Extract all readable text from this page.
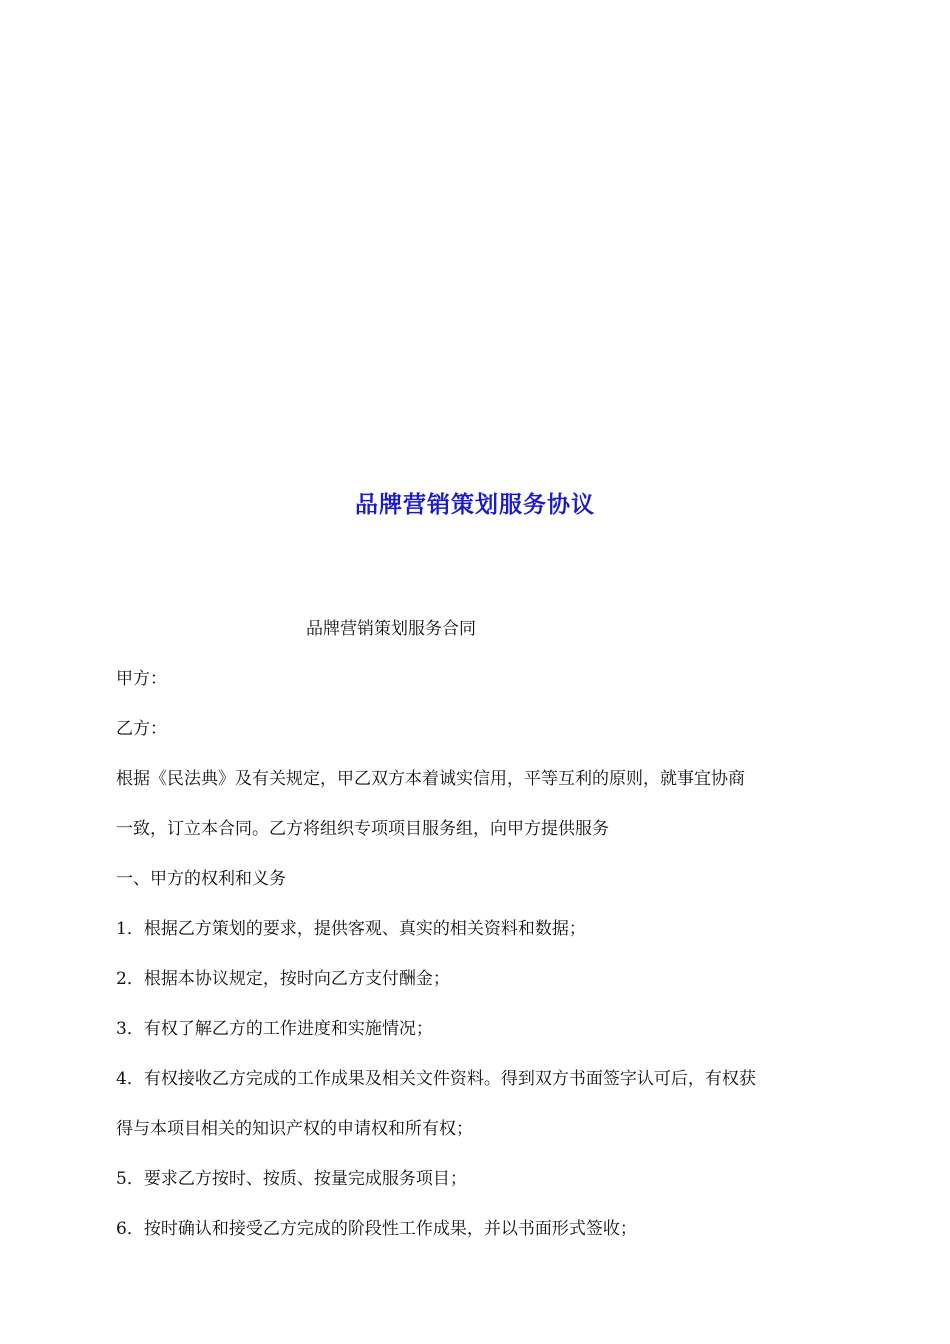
品牌营销策划服务协议
品牌营销策划服务合同
甲方：
乙方：
根据《民法典》及有关规定，甲乙双方本着诚实信用，平等互利的原则，就事宜协商
一致，订立本合同。乙方将组织专项项目服务组，向甲方提供服务
一、甲方的权利和义务
1．根据乙方策划的要求，提供客观、真实的相关资料和数据；
2．根据本协议规定，按时向乙方支付酬金；
3．有权了解乙方的工作进度和实施情况；
4．有权接收乙方完成的工作成果及相关文件资料。得到双方书面签字认可后，有权获
得与本项目相关的知识产权的申请权和所有权；
5．要求乙方按时、按质、按量完成服务项目；
6．按时确认和接受乙方完成的阶段性工作成果，并以书面形式签收；
